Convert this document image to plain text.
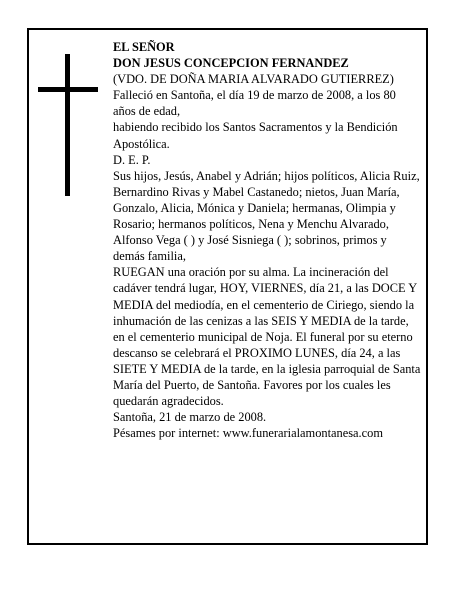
EL SEÑOR

DON JESUS CONCEPCION FERNANDEZ

(VDO. DE DOÑA MARIA ALVARADO GUTIERREZ)

Falleció en Santoña, el día 19 de marzo de 2008, a los 80 años de edad,

habiendo recibido los Santos Sacramentos y la Bendición Apostólica.

D. E. P.

Sus hijos, Jesús, Anabel y Adrián; hijos políticos, Alicia Ruiz, Bernardino Rivas y Mabel Castanedo; nietos, Juan María, Gonzalo, Alicia, Mónica y Daniela; hermanas, Olimpia y Rosario; hermanos políticos, Nena y Menchu Alvarado, Alfonso Vega ( ) y José Sisniega ( ); sobrinos, primos y demás familia,

RUEGAN una oración por su alma. La incineración del cadáver tendrá lugar, HOY, VIERNES, día 21, a las DOCE Y MEDIA del mediodía, en el cementerio de Ciriego, siendo la inhumación de las cenizas a las SEIS Y MEDIA de la tarde, en el cementerio municipal de Noja. El funeral por su eterno descanso se celebrará el PROXIMO LUNES, día 24, a las SIETE Y MEDIA de la tarde, en la iglesia parroquial de Santa María del Puerto, de Santoña. Favores por los cuales les quedarán agradecidos.

Santoña, 21 de marzo de 2008.

Pésames por internet: www.funerarialamontanesa.com
